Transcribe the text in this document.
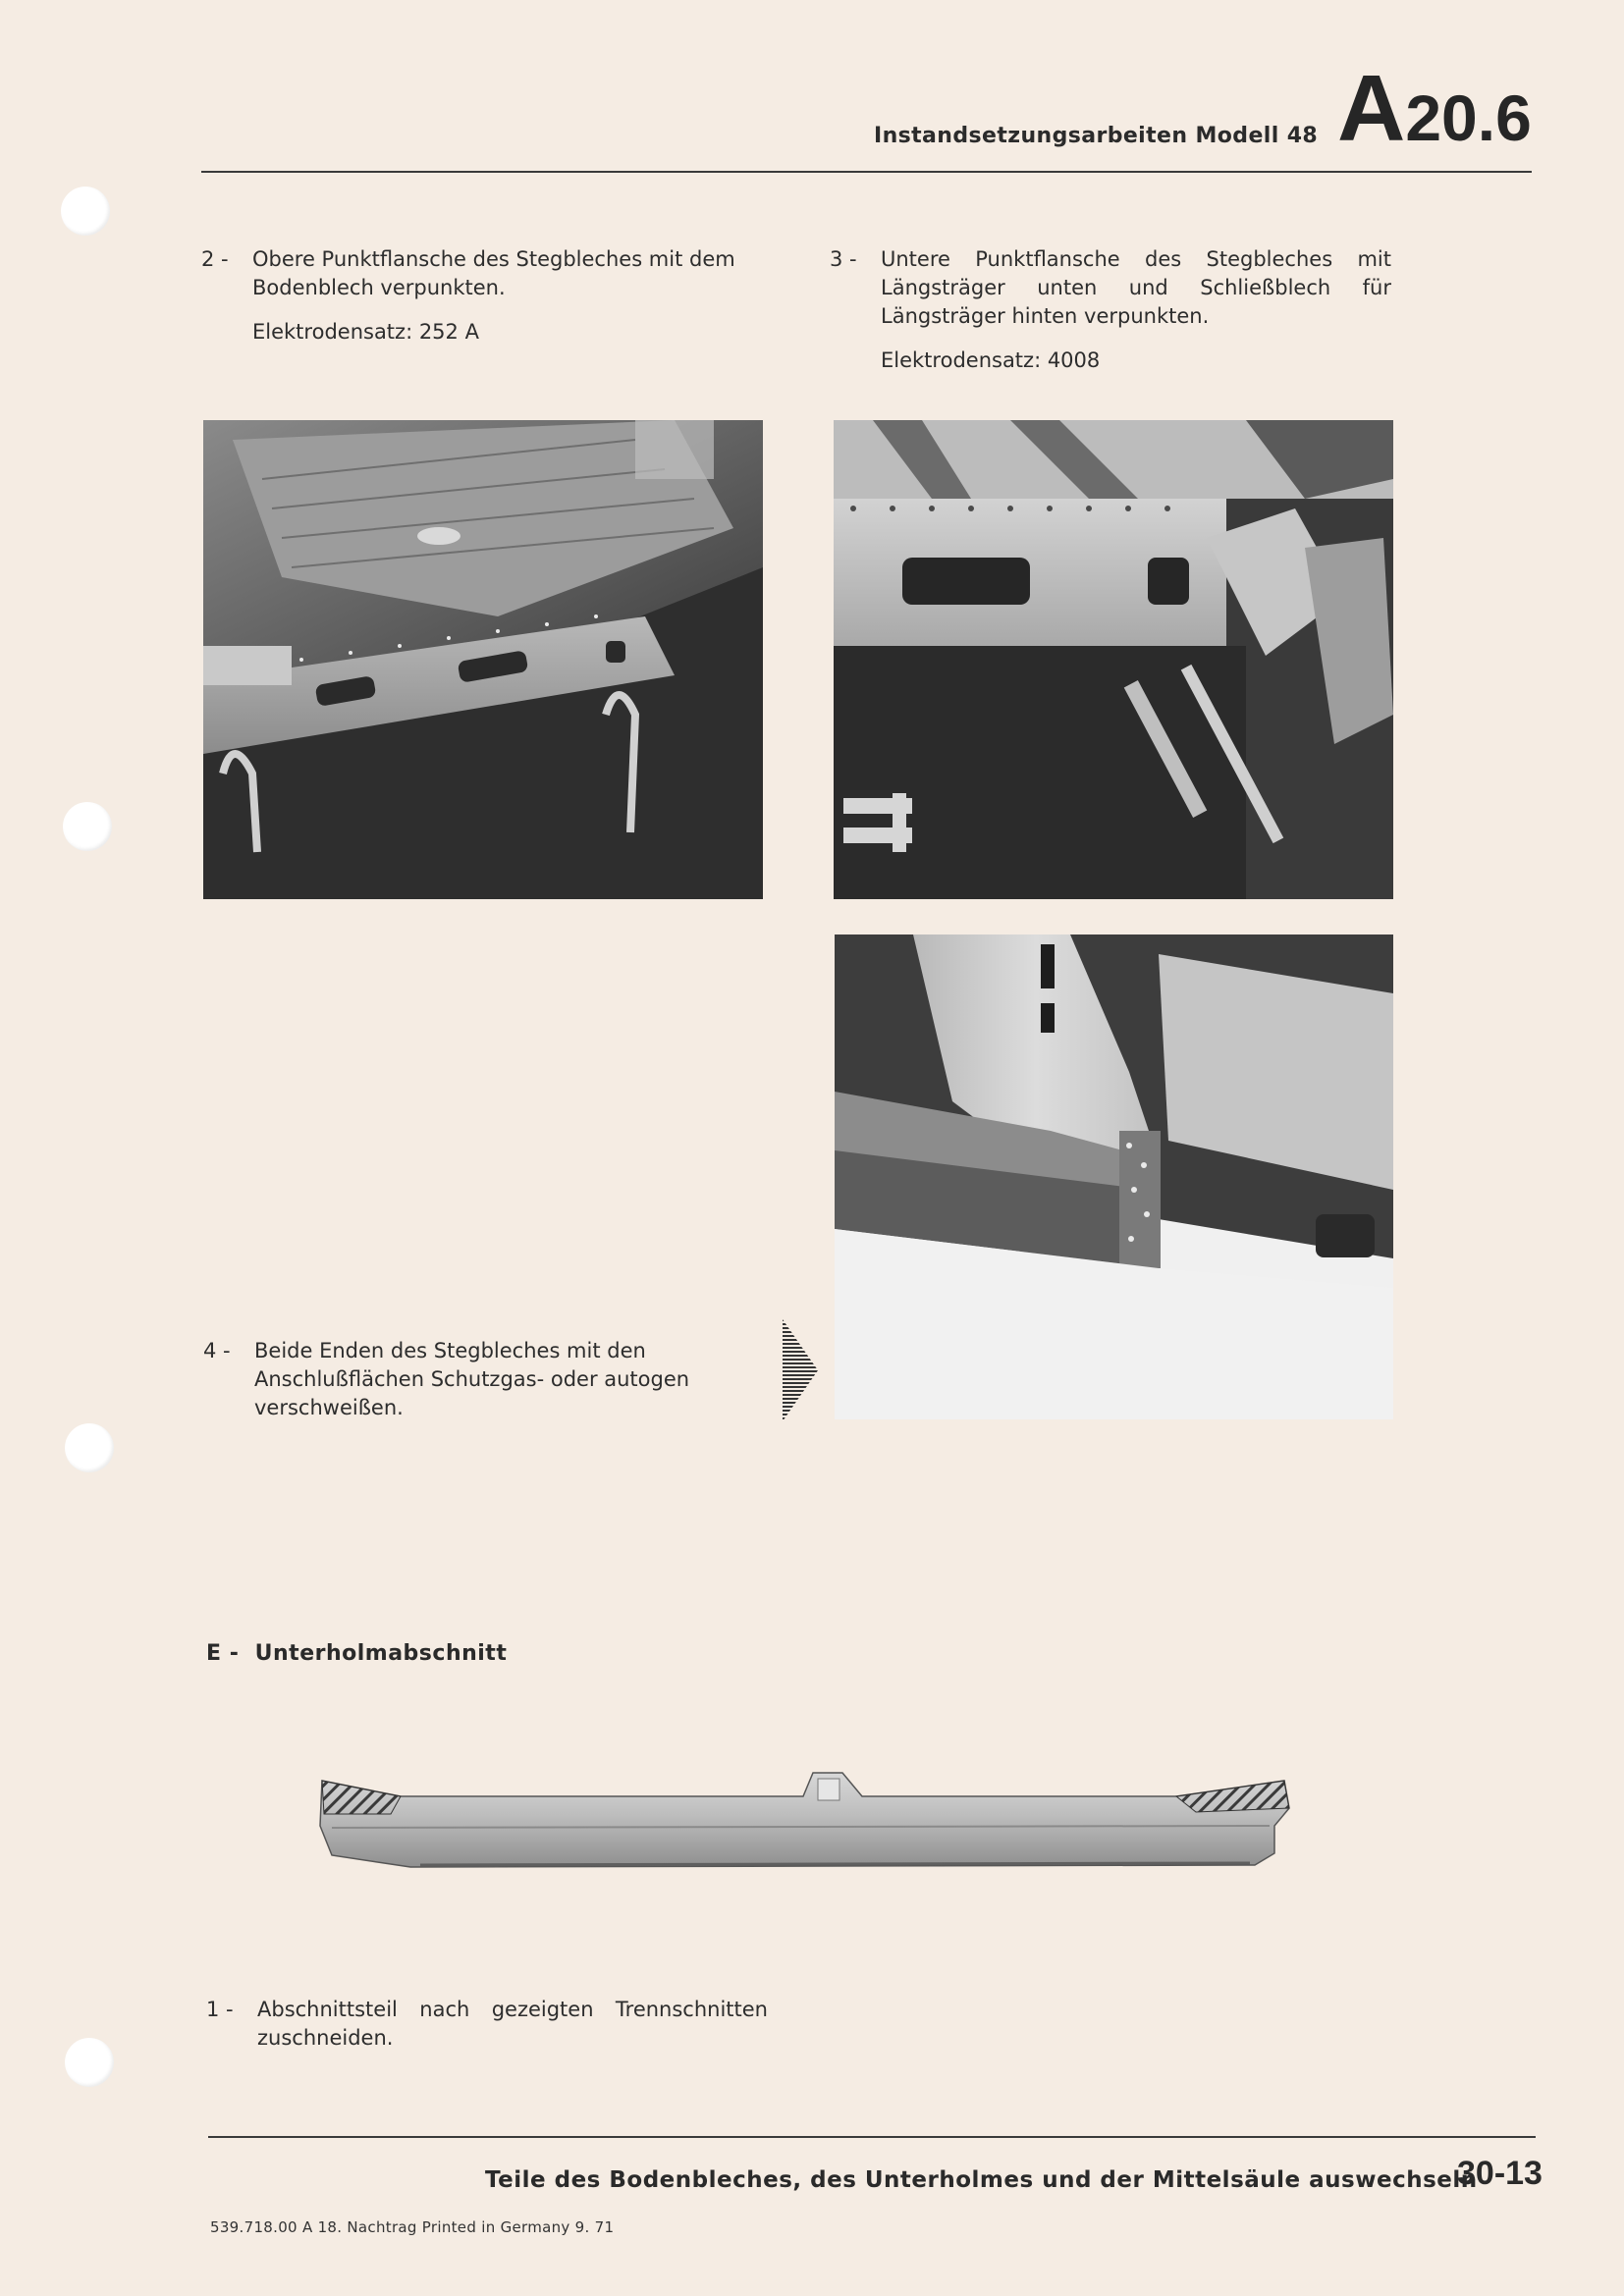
Instandsetzungsarbeiten Modell 48 A20.6
2 - Obere Punktflansche des Stegbleches mit dem Bodenblech verpunkten.
Elektrodensatz: 252 A
3 - Untere Punktflansche des Stegbleches mit Längsträger unten und Schließblech für Längsträger hinten verpunkten.
Elektrodensatz: 4008
4 - Beide Enden des Stegbleches mit den Anschlußflächen Schutzgas- oder autogen verschweißen.
E - Unterholmabschnitt
1 - Abschnittsteil nach gezeigten Trennschnitten zuschneiden.
Teile des Bodenbleches, des Unterholmes und der Mittelsäule auswechseln
30-13
539.718.00 A 18. Nachtrag Printed in Germany 9. 71
